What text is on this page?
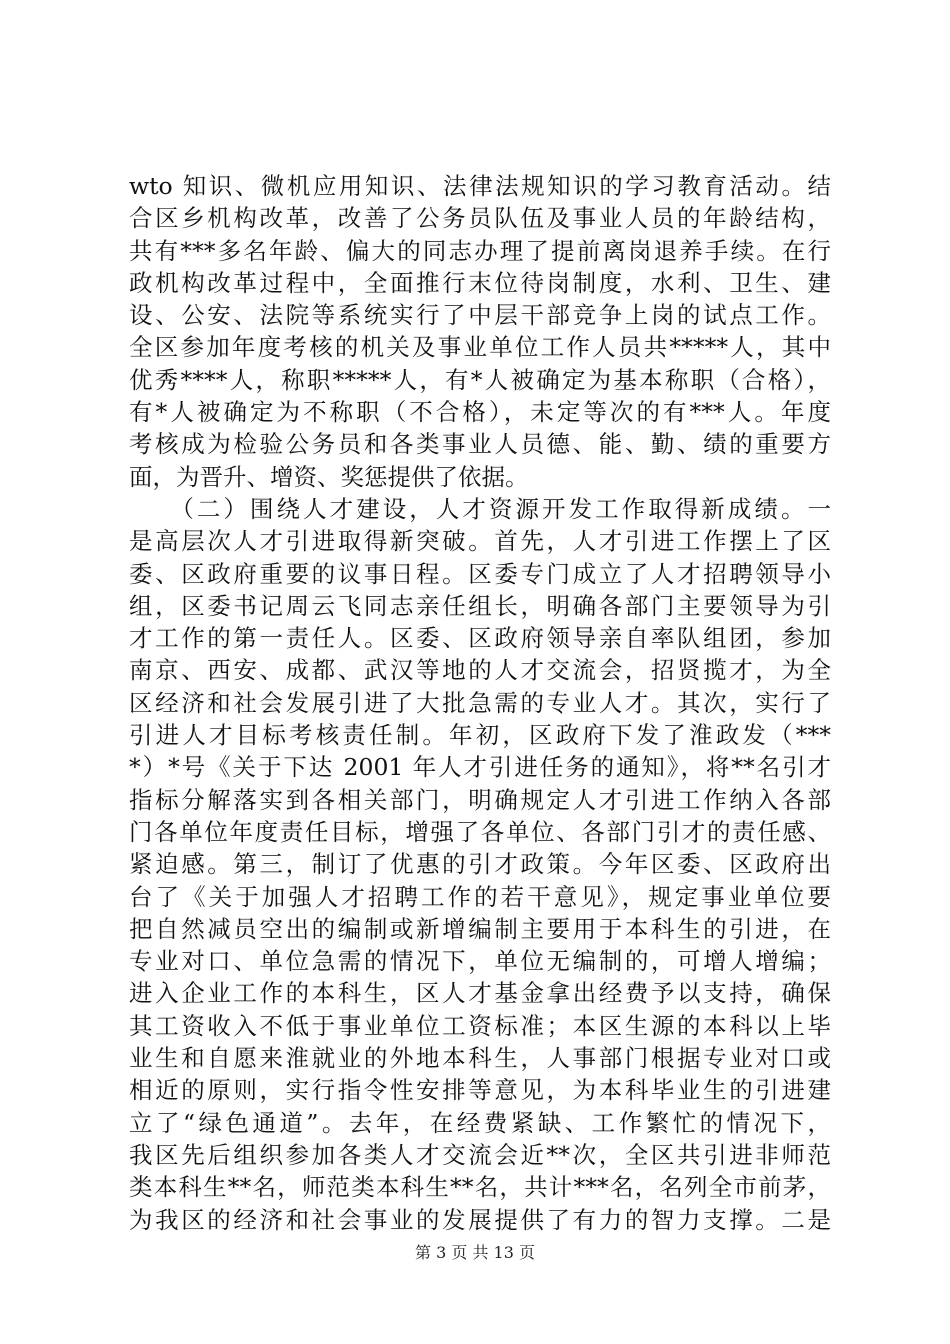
wto 知识、微机应用知识、法律法规知识的学习教育活动。结
合区乡机构改革，改善了公务员队伍及事业人员的年龄结构，
共有***多名年龄、偏大的同志办理了提前离岗退养手续。在行
政机构改革过程中，全面推行末位待岗制度，水利、卫生、建
设、公安、法院等系统实行了中层干部竞争上岗的试点工作。
全区参加年度考核的机关及事业单位工作人员共*****人，其中
优秀****人，称职*****人，有*人被确定为基本称职（合格），
有*人被确定为不称职（不合格），未定等次的有***人。年度
考核成为检验公务员和各类事业人员德、能、勤、绩的重要方
面，为晋升、增资、奖惩提供了依据。
　　（二）围绕人才建设，人才资源开发工作取得新成绩。一
是高层次人才引进取得新突破。首先，人才引进工作摆上了区
委、区政府重要的议事日程。区委专门成立了人才招聘领导小
组，区委书记周云飞同志亲任组长，明确各部门主要领导为引
才工作的第一责任人。区委、区政府领导亲自率队组团，参加
南京、西安、成都、武汉等地的人才交流会，招贤揽才，为全
区经济和社会发展引进了大批急需的专业人才。其次，实行了
引进人才目标考核责任制。年初，区政府下发了淮政发（***
*）*号《关于下达 2001 年人才引进任务的通知》，将**名引才
指标分解落实到各相关部门，明确规定人才引进工作纳入各部
门各单位年度责任目标，增强了各单位、各部门引才的责任感、
紧迫感。第三，制订了优惠的引才政策。今年区委、区政府出
台了《关于加强人才招聘工作的若干意见》，规定事业单位要
把自然减员空出的编制或新增编制主要用于本科生的引进，在
专业对口、单位急需的情况下，单位无编制的，可增人增编；
进入企业工作的本科生，区人才基金拿出经费予以支持，确保
其工资收入不低于事业单位工资标准；本区生源的本科以上毕
业生和自愿来淮就业的外地本科生，人事部门根据专业对口或
相近的原则，实行指令性安排等意见，为本科毕业生的引进建
立了“绿色通道”。去年，在经费紧缺、工作繁忙的情况下，
我区先后组织参加各类人才交流会近**次，全区共引进非师范
类本科生**名，师范类本科生**名，共计***名，名列全市前茅，
为我区的经济和社会事业的发展提供了有力的智力支撑。二是
第 3 页 共 13 页
